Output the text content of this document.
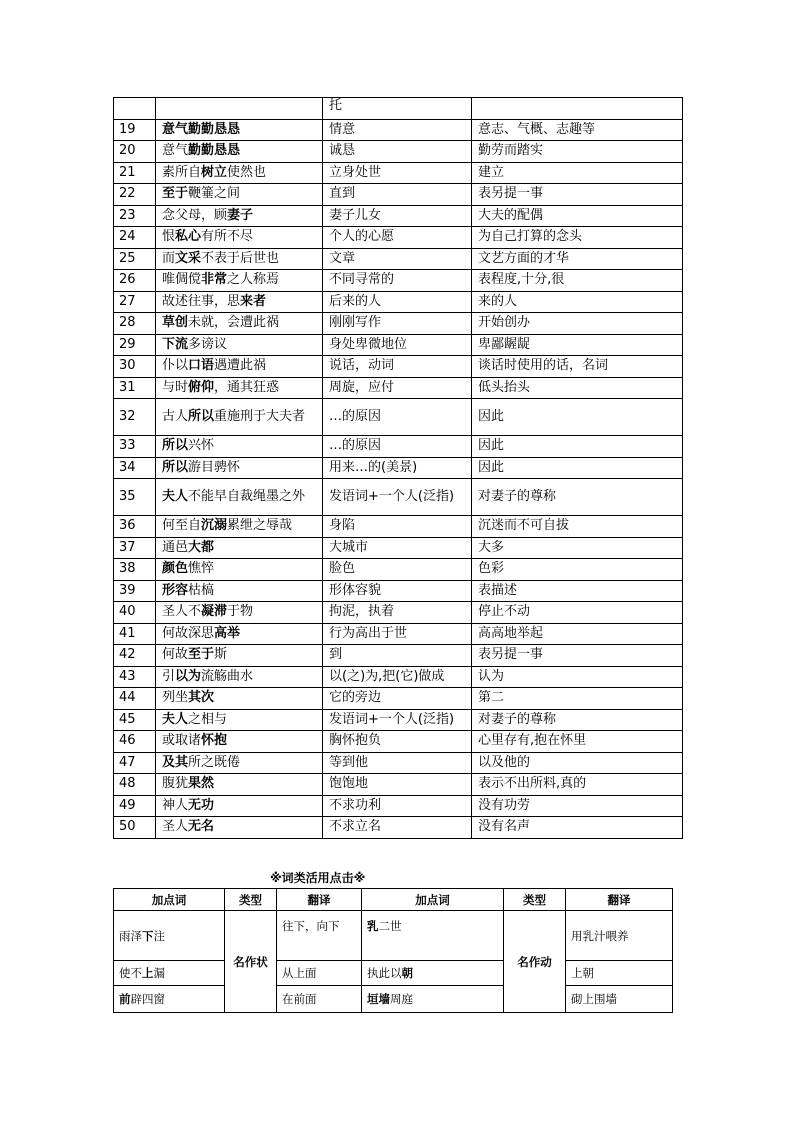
		托	
19	意气勤勤恳恳	情意	意志、气概、志趣等
20	意气勤勤恳恳	诚恳	勤劳而踏实
21	素所自树立使然也	立身处世	建立
22	至于鞭箠之间	直到	表另提一事
23	念父母，顾妻子	妻子儿女	大夫的配偶
24	恨私心有所不尽	个人的心愿	为自己打算的念头
25	而文采不表于后世也	文章	文艺方面的才华
26	唯倜傥非常之人称焉	不同寻常的	表程度,十分,很
27	故述往事，思来者	后来的人	来的人
28	草创未就，会遭此祸	刚刚写作	开始创办
29	下流多谤议	身处卑微地位	卑鄙龌龊
30	仆以口语遇遭此祸	说话，动词	谈话时使用的话，名词
31	与时俯仰，通其狂惑	周旋，应付	低头抬头
32	古人所以重施刑于大夫者	…的原因	因此
33	所以兴怀	…的原因	因此
34	所以游目骋怀	用来…的(美景)	因此
35	夫人不能早自裁绳墨之外	发语词+一个人(泛指)	对妻子的尊称
36	何至自沉溺累绁之辱哉	身陷	沉迷而不可自拔
37	通邑大都	大城市	大多
38	颜色憔悴	脸色	色彩
39	形容枯槁	形体容貌	表描述
40	圣人不凝滞于物	拘泥，执着	停止不动
41	何故深思高举	行为高出于世	高高地举起
42	何故至于斯	到	表另提一事
43	引以为流觞曲水	以(之)为,把(它)做成	认为
44	列坐其次	它的旁边	第二
45	夫人之相与	发语词+一个人(泛指)	对妻子的尊称
46	或取诸怀抱	胸怀抱负	心里存有,抱在怀里
47	及其所之既倦	等到他	以及他的
48	腹犹果然	饱饱地	表示不出所料,真的
49	神人无功	不求功利	没有功劳
50	圣人无名	不求立名	没有名声
※词类活用点击※
加点词	类型	翻译	加点词	类型	翻译
雨泽下注	名作状	往下，向下	乳二世	名作动	用乳汁喂养
使不上漏		从上面	执此以朝		上朝
前辟四窗		在前面	垣墙周庭		砌上围墙
